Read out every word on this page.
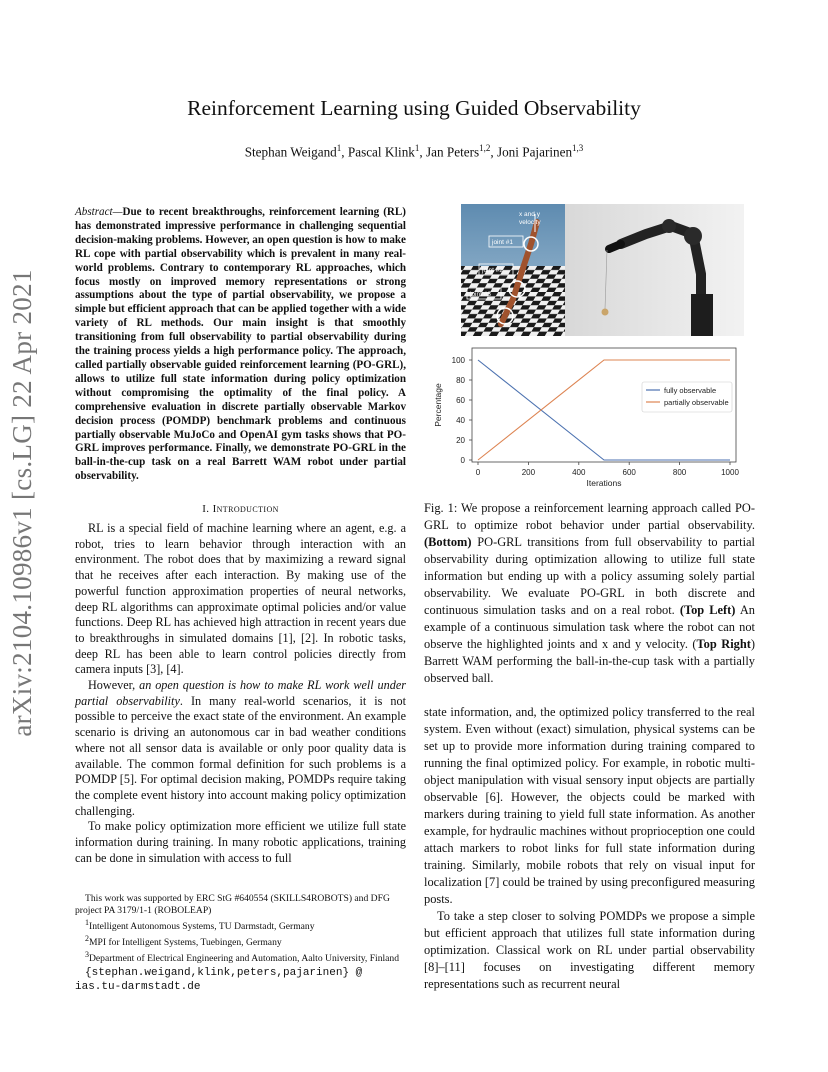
arXiv:2104.10986v1 [cs.LG] 22 Apr 2021
Reinforcement Learning using Guided Observability
Stephan Weigand$^1$, Pascal Klink$^1$, Jan Peters$^{1,2}$, Joni Pajarinen$^{1,3}$
Abstract—Due to recent breakthroughs, reinforcement learning (RL) has demonstrated impressive performance in challenging sequential decision-making problems. However, an open question is how to make RL cope with partial observability which is prevalent in many real-world problems. Contrary to contemporary RL approaches, which focus mostly on improved memory representations or strong assumptions about the type of partial observability, we propose a simple but efficient approach that can be applied together with a wide variety of RL methods. Our main insight is that smoothly transitioning from full observability to partial observability during the training process yields a high performance policy. The approach, called partially observable guided reinforcement learning (PO-GRL), allows to utilize full state information during policy optimization without compromising the optimality of the final policy. A comprehensive evaluation in discrete partially observable Markov decision process (POMDP) benchmark problems and continuous partially observable MuJoCo and OpenAI gym tasks shows that PO-GRL improves performance. Finally, we demonstrate PO-GRL in the ball-in-the-cup task on a real Barrett WAM robot under partial observability.
I. Introduction

RL is a special field of machine learning where an agent, e.g. a robot, tries to learn behavior through interaction with an environment. The robot does that by maximizing a reward signal that he receives after each interaction. By making use of the powerful function approximation properties of neural networks, deep RL algorithms can approximate optimal policies and/or value functions. Deep RL has achieved high attraction in recent years due to breakthroughs in simulated domains [1], [2]. In robotic tasks, deep RL has been able to learn control policies directly from camera inputs [3], [4].

However, an open question is how to make RL work well under partial observability. In many real-world scenarios, it is not possible to perceive the exact state of the environment. An example scenario is driving an autonomous car in bad weather conditions where not all sensor data is available or only poor quality data is available. The common formal definition for such problems is a POMDP [5]. For optimal decision making, POMDPs require taking the complete event history into account making policy optimization challenging.

To make policy optimization more efficient we utilize full state information during training. In many robotic applications, training can be done in simulation with access to full

This work was supported by ERC StG #640554 (SKILLS4ROBOTS) and DFG project PA 3179/1-1 (ROBOLEAP)

$^1$Intelligent Autonomous Systems, TU Darmstadt, Germany

$^2$MPI for Intelligent Systems, Tuebingen, Germany

$^3$Department of Electrical Engineering and Automation, Aalto University, Finland

{stephan.weigand,klink,peters,pajarinen} @

ias.tu-darmstadt.de

x and y
velocity
joint #1
joint #2
joint #3
0	200	400	600	800	1000
0
20
40
60
80
100
Iterations
Percentage	fully observable
partially observable
Fig. 1: We propose a reinforcement learning approach called PO-GRL to optimize robot behavior under partial observability. (Bottom) PO-GRL transitions from full observability to partial observability during optimization allowing to utilize full state information but ending up with a policy assuming solely partial observability. We evaluate PO-GRL in both discrete and continuous simulation tasks and on a real robot. (Top Left) An example of a continuous simulation task where the robot can not observe the highlighted joints and x and y velocity. (Top Right) Barrett WAM performing the ball-in-the-cup task with a partially observed ball.

state information, and, the optimized policy transferred to the real system. Even without (exact) simulation, physical systems can be set up to provide more information during training compared to running the final optimized policy. For example, in robotic multi-object manipulation with visual sensory input objects are partially observable [6]. However, the objects could be marked with markers during training to yield full state information. As another example, for hydraulic machines without proprioception one could attach markers to robot links for full state information during training. Similarly, mobile robots that rely on visual input for localization [7] could be trained by using preconfigured measuring posts.

To take a step closer to solving POMDPs we propose a simple but efficient approach that utilizes full state information during optimization. Classical work on RL under partial observability [8]–[11] focuses on investigating different memory representations such as recurrent neural
